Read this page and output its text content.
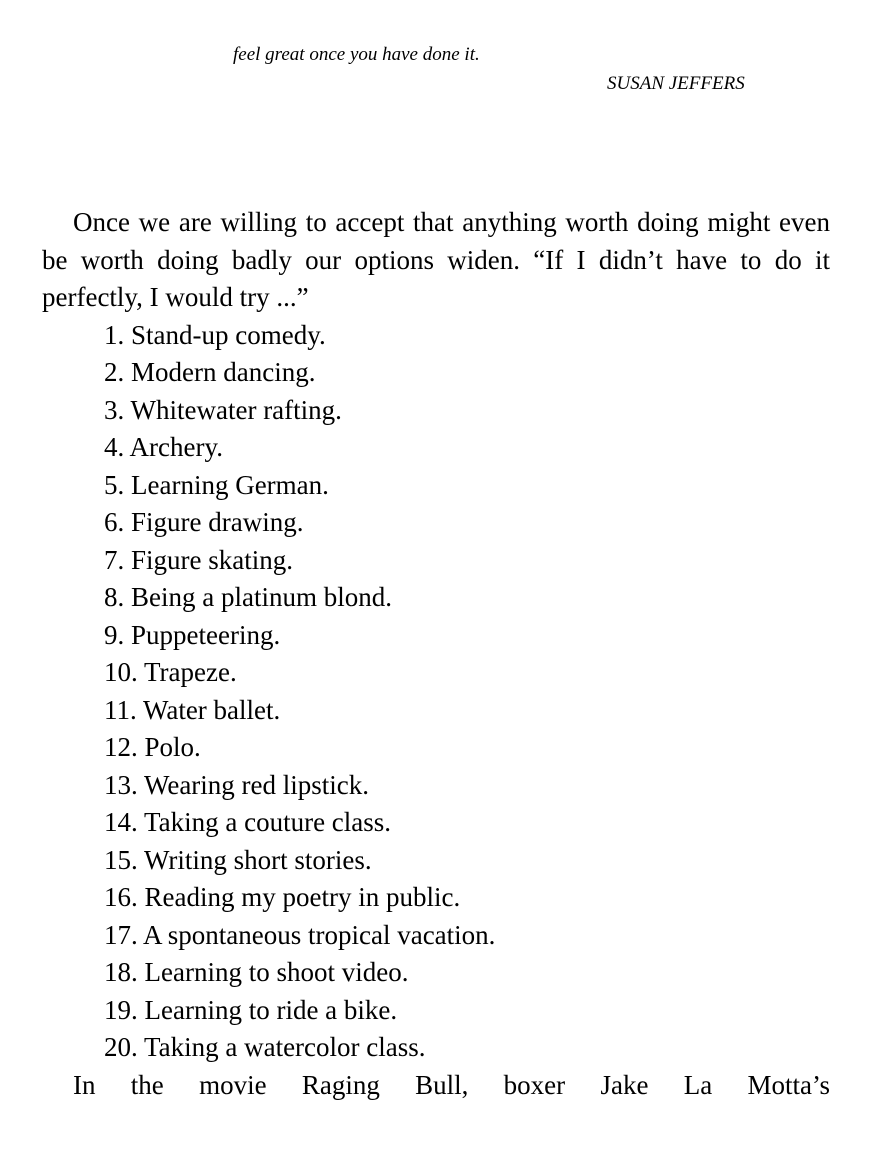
feel great once you have done it.
SUSAN JEFFERS

Once we are willing to accept that anything worth doing might even be worth doing badly our options widen. “If I didn’t have to do it perfectly, I would try ...”

1. Stand-up comedy.
2. Modern dancing.
3. Whitewater rafting.
4. Archery.
5. Learning German.
6. Figure drawing.
7. Figure skating.
8. Being a platinum blond.
9. Puppeteering.
10. Trapeze.
11. Water ballet.
12. Polo.
13. Wearing red lipstick.
14. Taking a couture class.
15. Writing short stories.
16. Reading my poetry in public.
17. A spontaneous tropical vacation.
18. Learning to shoot video.
19. Learning to ride a bike.
20. Taking a watercolor class.

In the movie Raging Bull, boxer Jake La Motta’s
